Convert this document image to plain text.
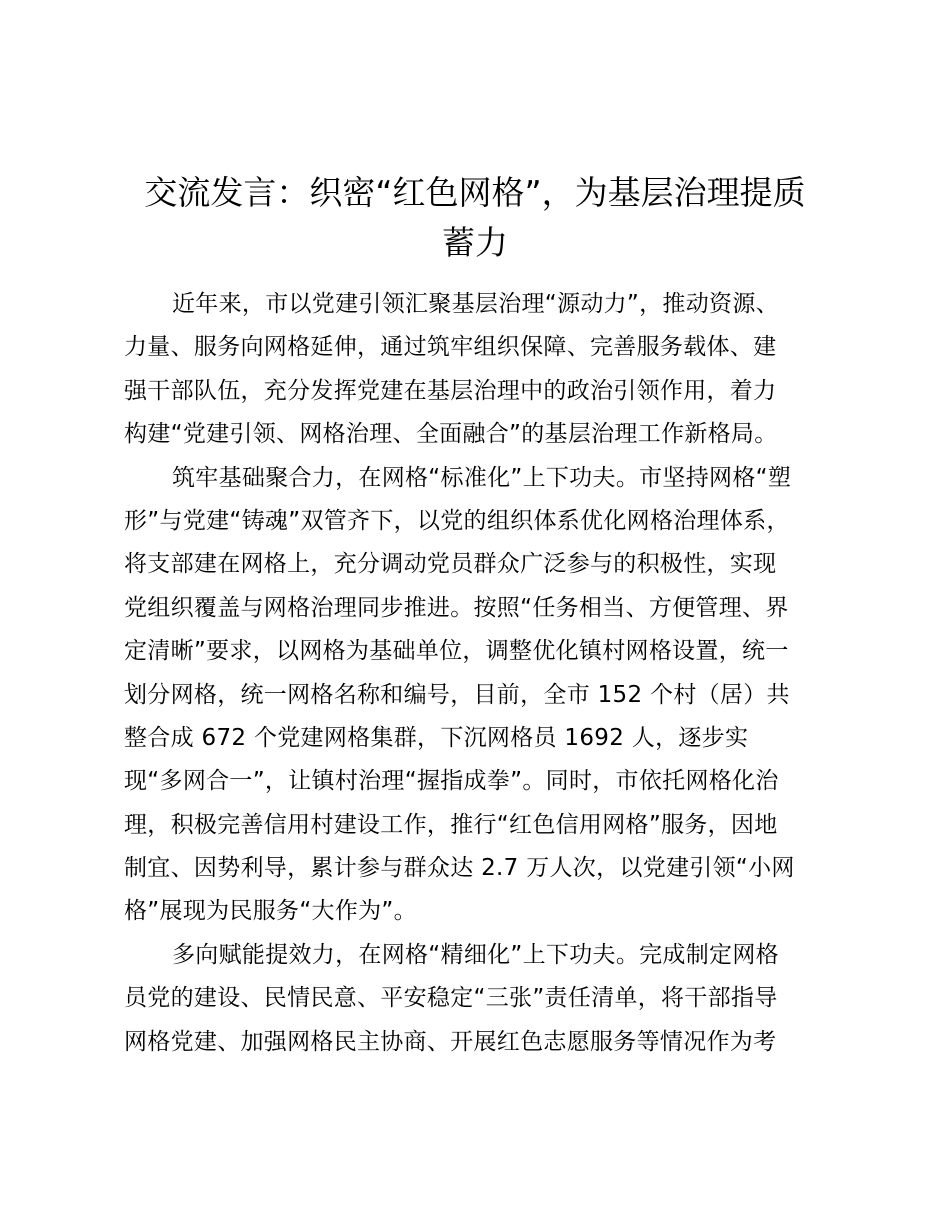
交流发言：织密“红色网格”，为基层治理提质
蓄力
近年来，市以党建引领汇聚基层治理“源动力”，推动资源、
力量、服务向网格延伸，通过筑牢组织保障、完善服务载体、建
强干部队伍，充分发挥党建在基层治理中的政治引领作用，着力
构建“党建引领、网格治理、全面融合”的基层治理工作新格局。
筑牢基础聚合力，在网格“标准化”上下功夫。市坚持网格“塑
形”与党建“铸魂”双管齐下，以党的组织体系优化网格治理体系，
将支部建在网格上，充分调动党员群众广泛参与的积极性，实现
党组织覆盖与网格治理同步推进。按照“任务相当、方便管理、界
定清晰”要求，以网格为基础单位，调整优化镇村网格设置，统一
划分网格，统一网格名称和编号，目前，全市 152 个村（居）共
整合成 672 个党建网格集群，下沉网格员 1692 人，逐步实
现“多网合一”，让镇村治理“握指成拳”。同时，市依托网格化治
理，积极完善信用村建设工作，推行“红色信用网格”服务，因地
制宜、因势利导，累计参与群众达 2.7 万人次，以党建引领“小网
格”展现为民服务“大作为”。
多向赋能提效力，在网格“精细化”上下功夫。完成制定网格
员党的建设、民情民意、平安稳定“三张”责任清单，将干部指导
网格党建、加强网格民主协商、开展红色志愿服务等情况作为考
